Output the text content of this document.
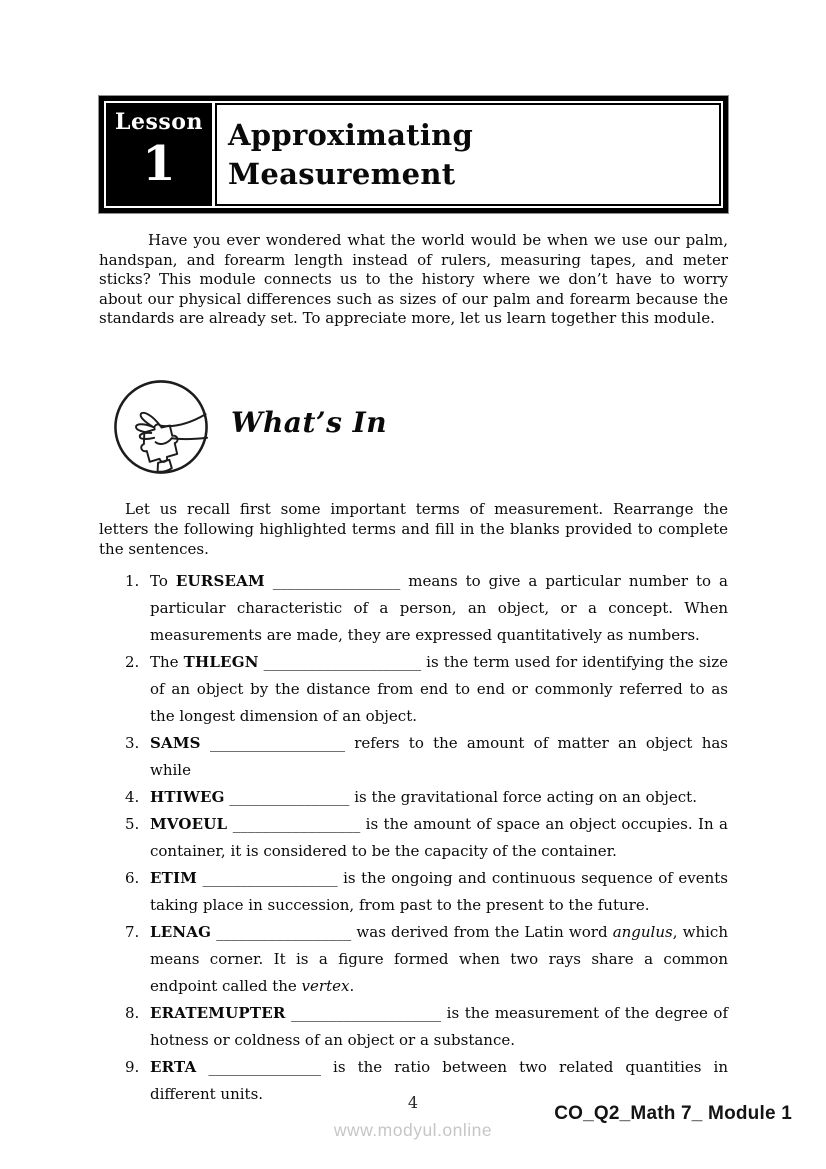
Lesson
1
Approximating
Measurement

Have you ever wondered what the world would be when we use our palm, handspan, and forearm length instead of rulers, measuring tapes, and meter sticks? This module connects us to the history where we don’t have to worry about our physical differences such as sizes of our palm and forearm because the standards are already set. To appreciate more, let us learn together this module.

What’s In

Let us recall first some important terms of measurement. Rearrange the letters the following highlighted terms and fill in the blanks provided to complete the sentences.

1. To EURSEAM _________________ means to give a particular number to a particular characteristic of a person, an object, or a concept. When measurements are made, they are expressed quantitatively as numbers.
2. The THLEGN _____________________ is the term used for identifying the size of an object by the distance from end to end or commonly referred to as the longest dimension of an object.
3. SAMS __________________ refers to the amount of matter an object has while
4. HTIWEG ________________ is the gravitational force acting on an object.
5. MVOEUL _________________ is the amount of space an object occupies. In a container, it is considered to be the capacity of the container.
6. ETIM __________________ is the ongoing and continuous sequence of events taking place in succession, from past to the present to the future.
7. LENAG __________________ was derived from the Latin word angulus, which means corner. It is a figure formed when two rays share a common endpoint called the vertex.
8. ERATEMUPTER ____________________ is the measurement of the degree of hotness or coldness of an object or a substance.
9. ERTA _______________ is the ratio between two related quantities in different units.	4
www.modyul.online
CO_Q2_Math 7_ Module 1
